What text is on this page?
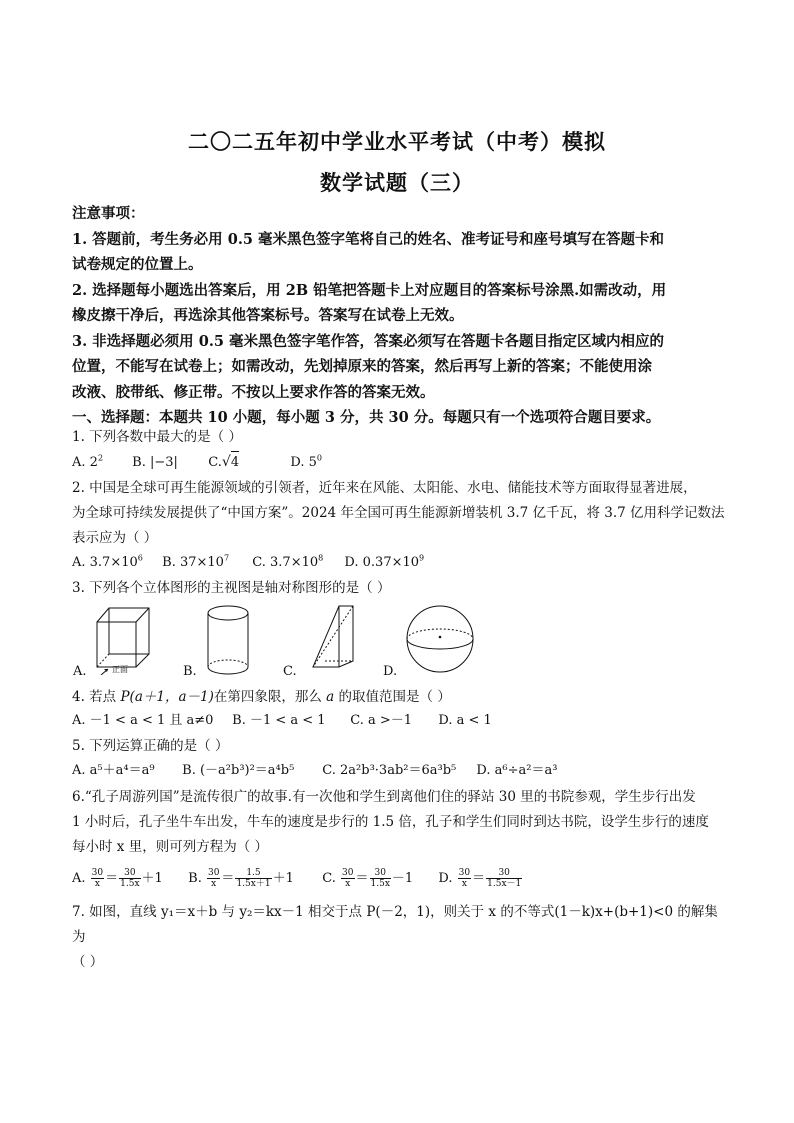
二〇二五年初中学业水平考试（中考）模拟
数学试题（三）
注意事项：
1. 答题前，考生务必用 0.5 毫米黑色签字笔将自己的姓名、准考证号和座号填写在答题卡和
试卷规定的位置上。
2. 选择题每小题选出答案后，用 2B 铅笔把答题卡上对应题目的答案标号涂黑.如需改动，用
橡皮擦干净后，再选涂其他答案标号。答案写在试卷上无效。
3. 非选择题必须用 0.5 毫米黑色签字笔作答，答案必须写在答题卡各题目指定区域内相应的
位置，不能写在试卷上；如需改动，先划掉原来的答案，然后再写上新的答案；不能使用涂
改液、胶带纸、修正带。不按以上要求作答的答案无效。
一、选择题：本题共 10 小题，每小题 3 分，共 30 分。每题只有一个选项符合题目要求。
1. 下列各数中最大的是（ ）
A. $2^2$ B. |−3| C.√4	D. $5^0$
2. 中国是全球可再生能源领域的引领者，近年来在风能、太阳能、水电、储能技术等方面取得显著进展，
为全球可持续发展提供了“中国方案”。2024 年全国可再生能源新增装机 3.7 亿千瓦，将 3.7 亿用科学记数法
表示应为（ ）
A. $3.7\times 10^6$ B. $37\times 10^7$ C. $3.7\times 10^8$ D. $0.37\times 10^9$
3. 下列各个立体图形的主视图是轴对称图形的是（ ）
正面
A.	B.	C.	D.
4. 若点 P(a＋1，a－1)在第四象限，那么 a 的取值范围是（ ）
A. －1 < a < 1 且 a≠0 B. －1 < a < 1 C. a >－1 D. a < 1
5. 下列运算正确的是（ ）
A. a⁵＋a⁴＝a⁹ B. (－a²b³)²＝a⁴b⁵ C. 2a²b³·3ab²＝6a³b⁵ D. a⁶÷a²＝a³
6.“孔子周游列国”是流传很广的故事.有一次他和学生到离他们住的驿站 30 里的书院参观，学生步行出发
1 小时后，孔子坐牛车出发，牛车的速度是步行的 1.5 倍，孔子和学生们同时到达书院，设学生步行的速度
每小时 x 里，则可列方程为（ ）
A. $\frac{30}{x} = \frac{30}{1.5x} +1$ B. $\frac{30}{x} = \frac{1.5}{1.5x+1} +1$ C. $\frac{30}{x} = \frac{30}{1.5x} -1$ D. $\frac{30}{x} = \frac{30}{1.5x-1}$
7. 如图，直线 y₁＝x＋b 与 y₂＝kx－1 相交于点 P(－2，1)，则关于 x 的不等式(1－k)x+(b+1)<0 的解集为
（ ）
